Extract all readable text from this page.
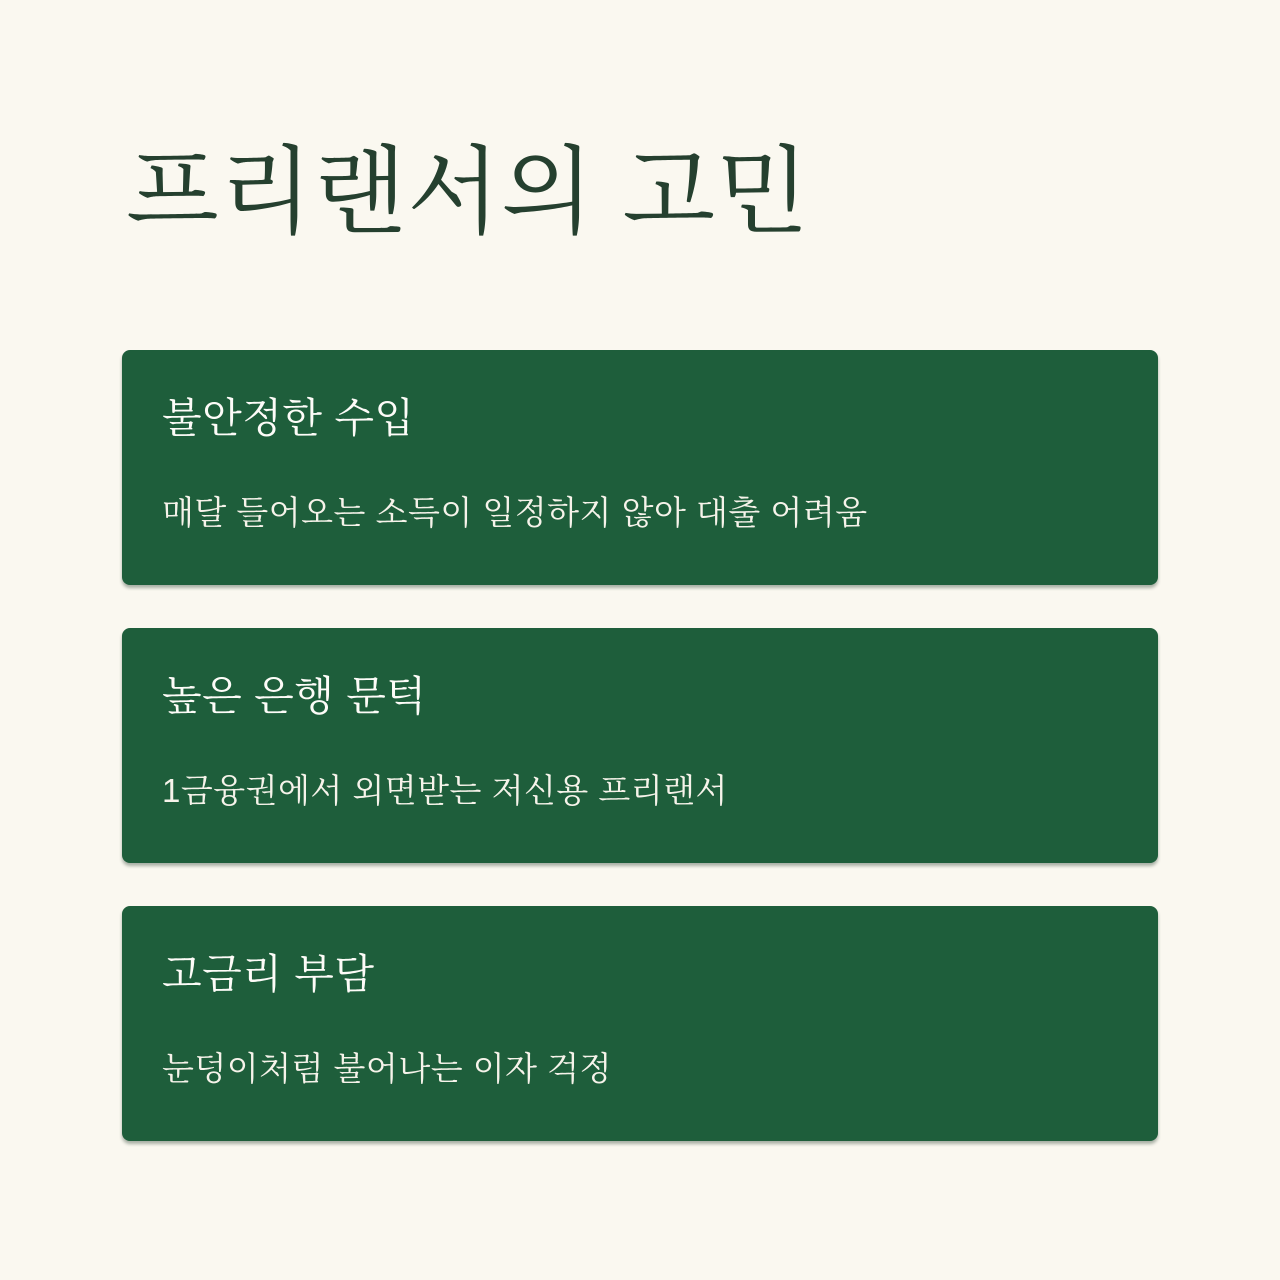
프리랜서의 고민
불안정한 수입
매달 들어오는 소득이 일정하지 않아 대출 어려움
높은 은행 문턱
1금융권에서 외면받는 저신용 프리랜서
고금리 부담
눈덩이처럼 불어나는 이자 걱정
